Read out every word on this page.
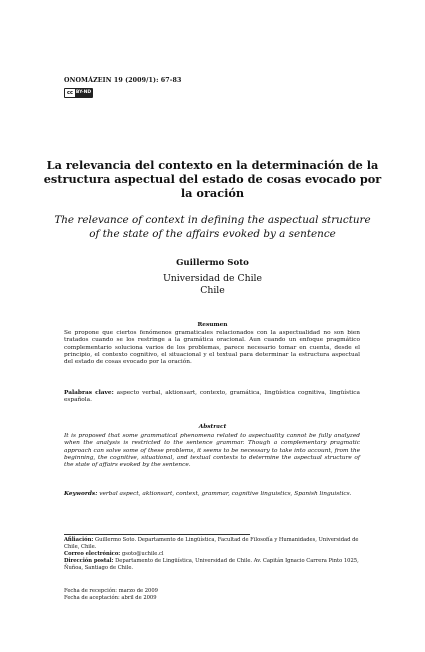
ONOMÁZEIN 19 (2009/1): 67-83
cc BY-ND
La relevancia del contexto en la determinación de la estructura aspectual del estado de cosas evocado por la oración
The relevance of context in defining the aspectual structure of the state of the affairs evoked by a sentence
Guillermo Soto
Universidad de Chile
Chile
Resumen
Se propone que ciertos fenómenos gramaticales relacionados con la aspectualidad no son bien tratados cuando se los restringe a la gramática oracional. Aun cuando un enfoque pragmático complementario soluciona varios de los problemas, parece necesario tomar en cuenta, desde el principio, el contexto cognitivo, el situacional y el textual para determinar la estructura aspectual del estado de cosas evocado por la oración.
Palabras clave: aspecto verbal, aktionsart, contexto, gramática, lingüística cognitiva, lingüística española.
Abstract
It is proposed that some grammatical phenomena related to aspectuality cannot be fully analyzed when the analysis is restricted to the sentence grammar. Though a complementary pragmatic approach can solve some of these problems, it seems to be necessary to take into account, from the beginning, the cognitive, situational, and textual contexts to determine the aspectual structure of the state of affairs evoked by the sentence.
Keywords: verbal aspect, aktionsart, context, grammar, cognitive linguistics, Spanish linguistics.
Afiliación: Guillermo Soto. Departamento de Lingüística, Facultad de Filosofía y Humanidades, Universidad de Chile, Chile.
Correo electrónico: gsoto@uchile.cl
Dirección postal: Departamento de Lingüística, Universidad de Chile. Av. Capitán Ignacio Carrera Pinto 1025, Ñuñoa, Santiago de Chile.
Fecha de recepción: marzo de 2009
Fecha de aceptación: abril de 2009
